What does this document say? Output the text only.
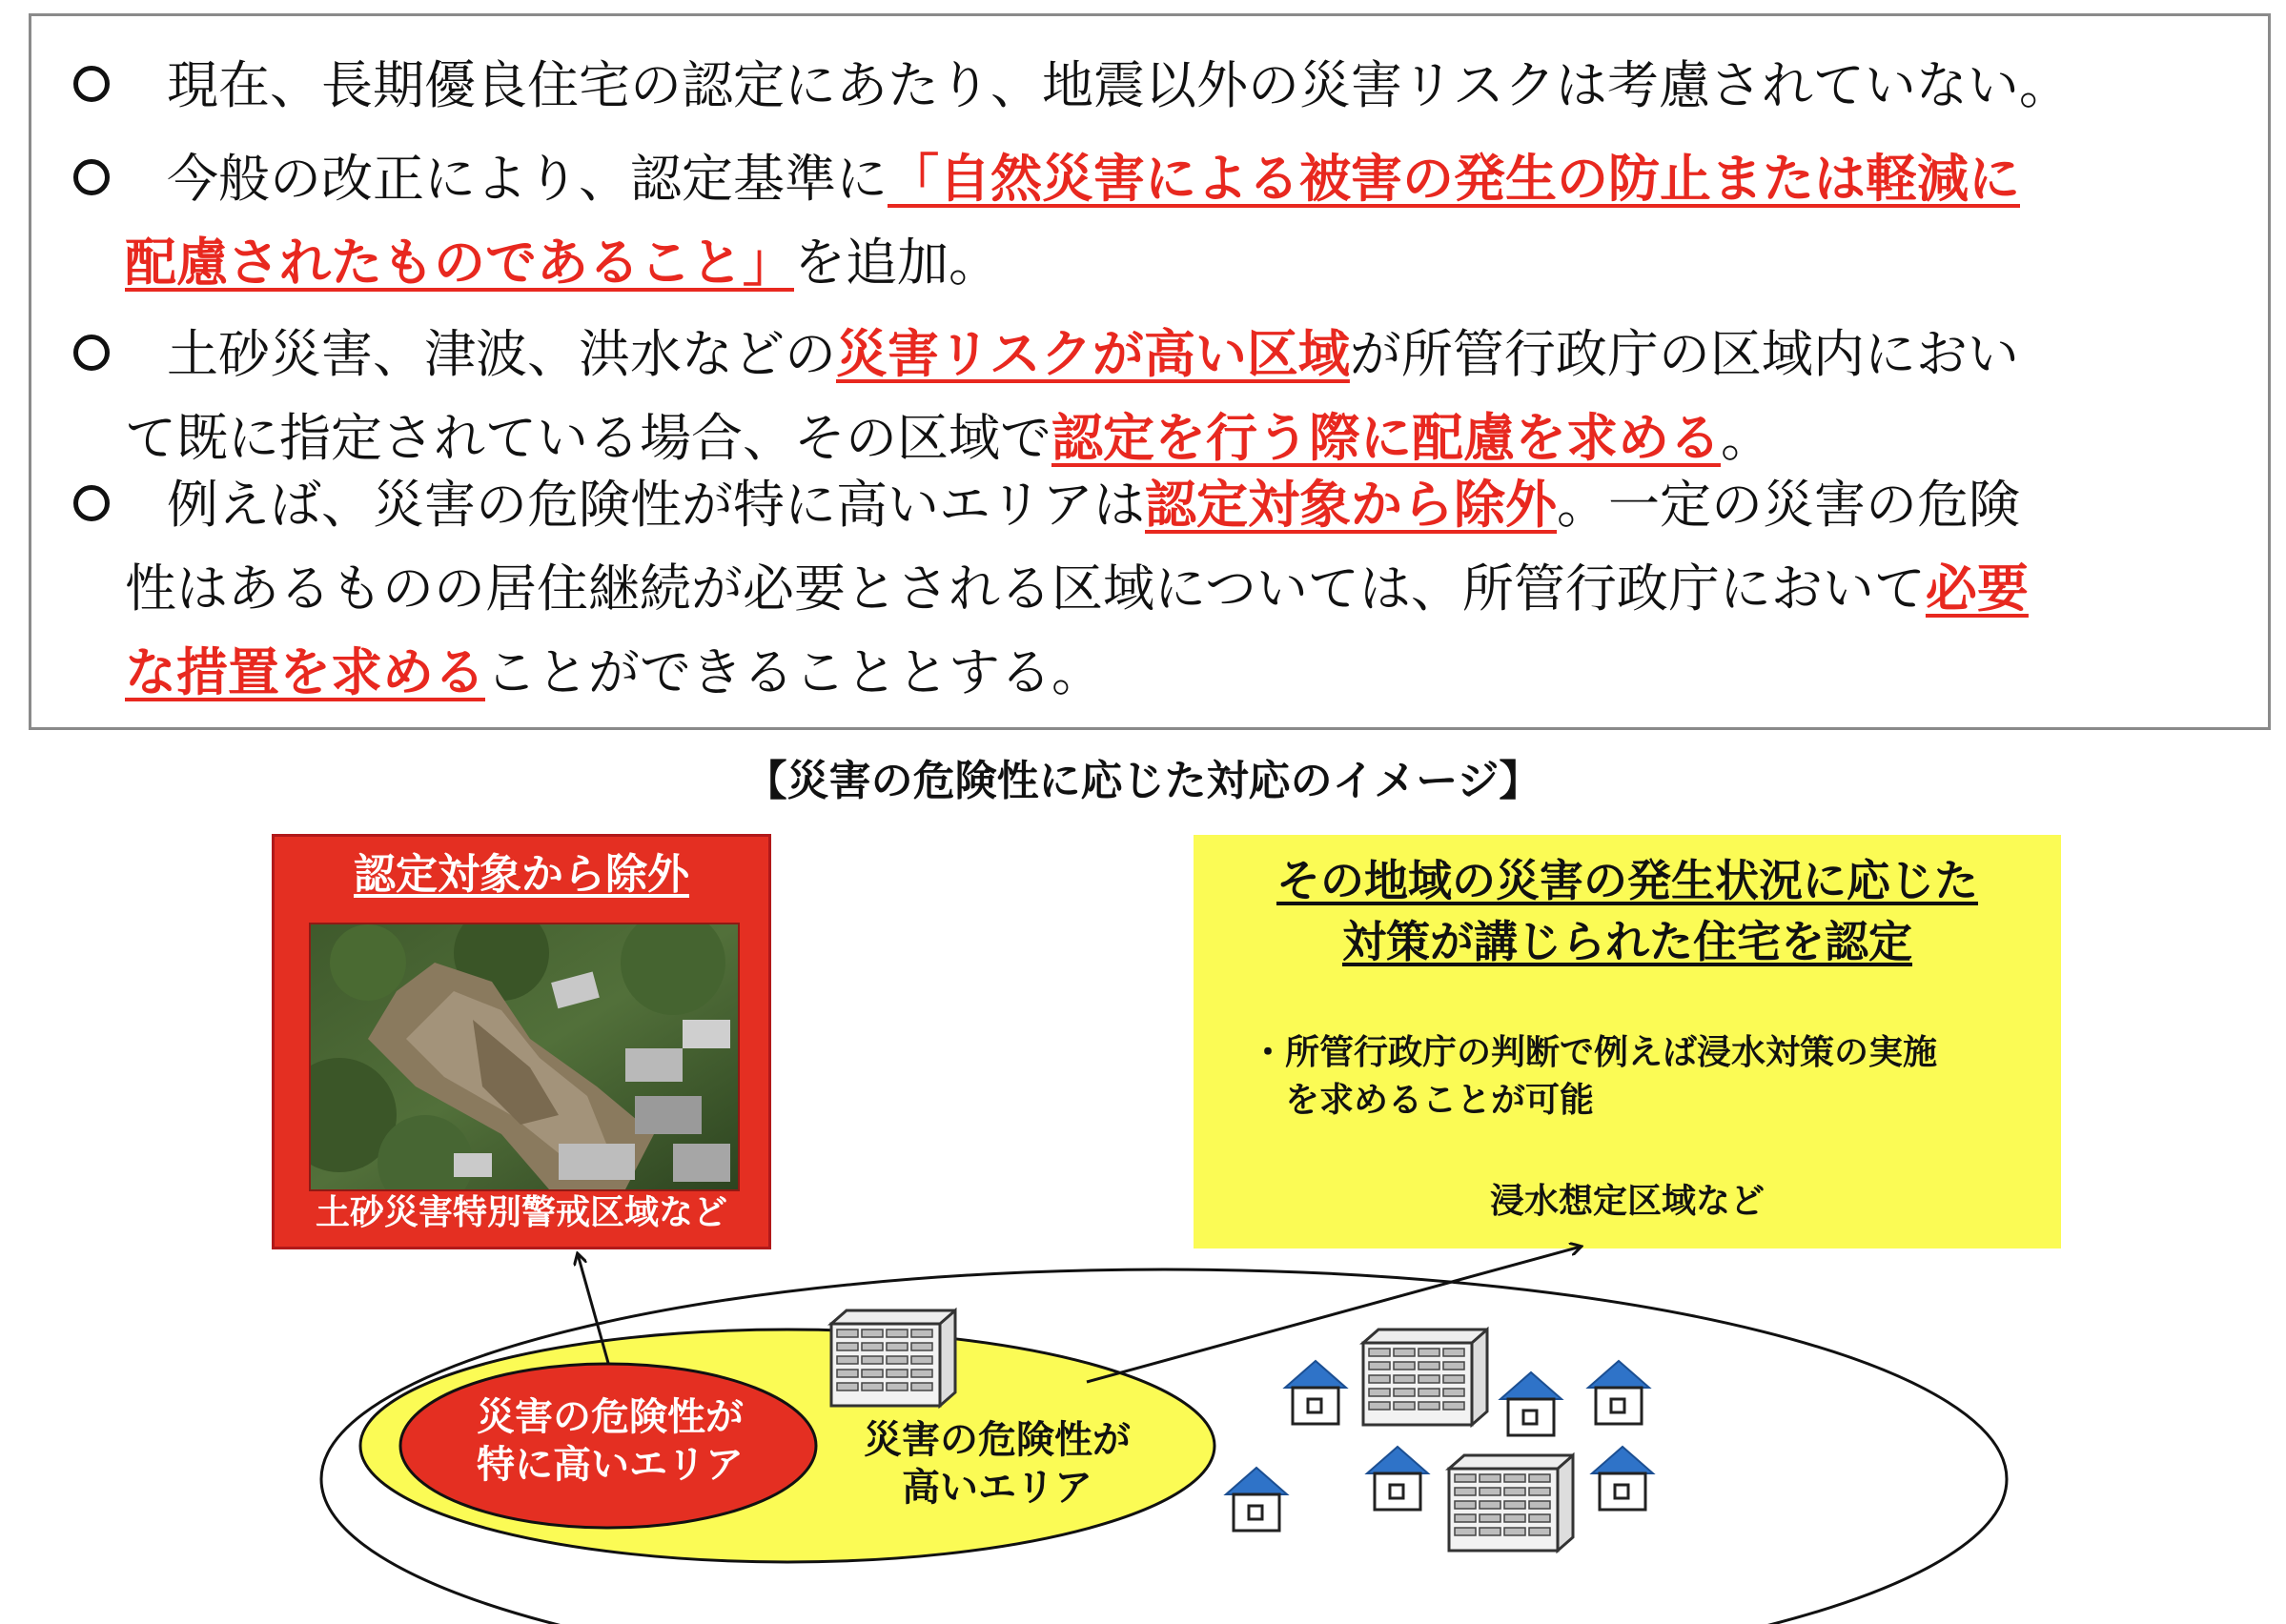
現在、長期優良住宅の認定にあたり、地震以外の災害リスクは考慮されていない。
今般の改正により、認定基準に「自然災害による被害の発生の防止または軽減に
配慮されたものであること」を追加。
土砂災害、津波、洪水などの災害リスクが高い区域が所管行政庁の区域内におい
て既に指定されている場合、その区域で認定を行う際に配慮を求める。
例えば、災害の危険性が特に高いエリアは認定対象から除外。一定の災害の危険
性はあるものの居住継続が必要とされる区域については、所管行政庁において必要
な措置を求めることができることとする。
【災害の危険性に応じた対応のイメージ】
認定対象から除外
土砂災害特別警戒区域など
その地域の災害の発生状況に応じた
対策が講じられた住宅を認定
・所管行政庁の判断で例えば浸水対策の実施
　を求めることが可能
浸水想定区域など
災害の危険性が
特に高いエリア
災害の危険性が
高いエリア
